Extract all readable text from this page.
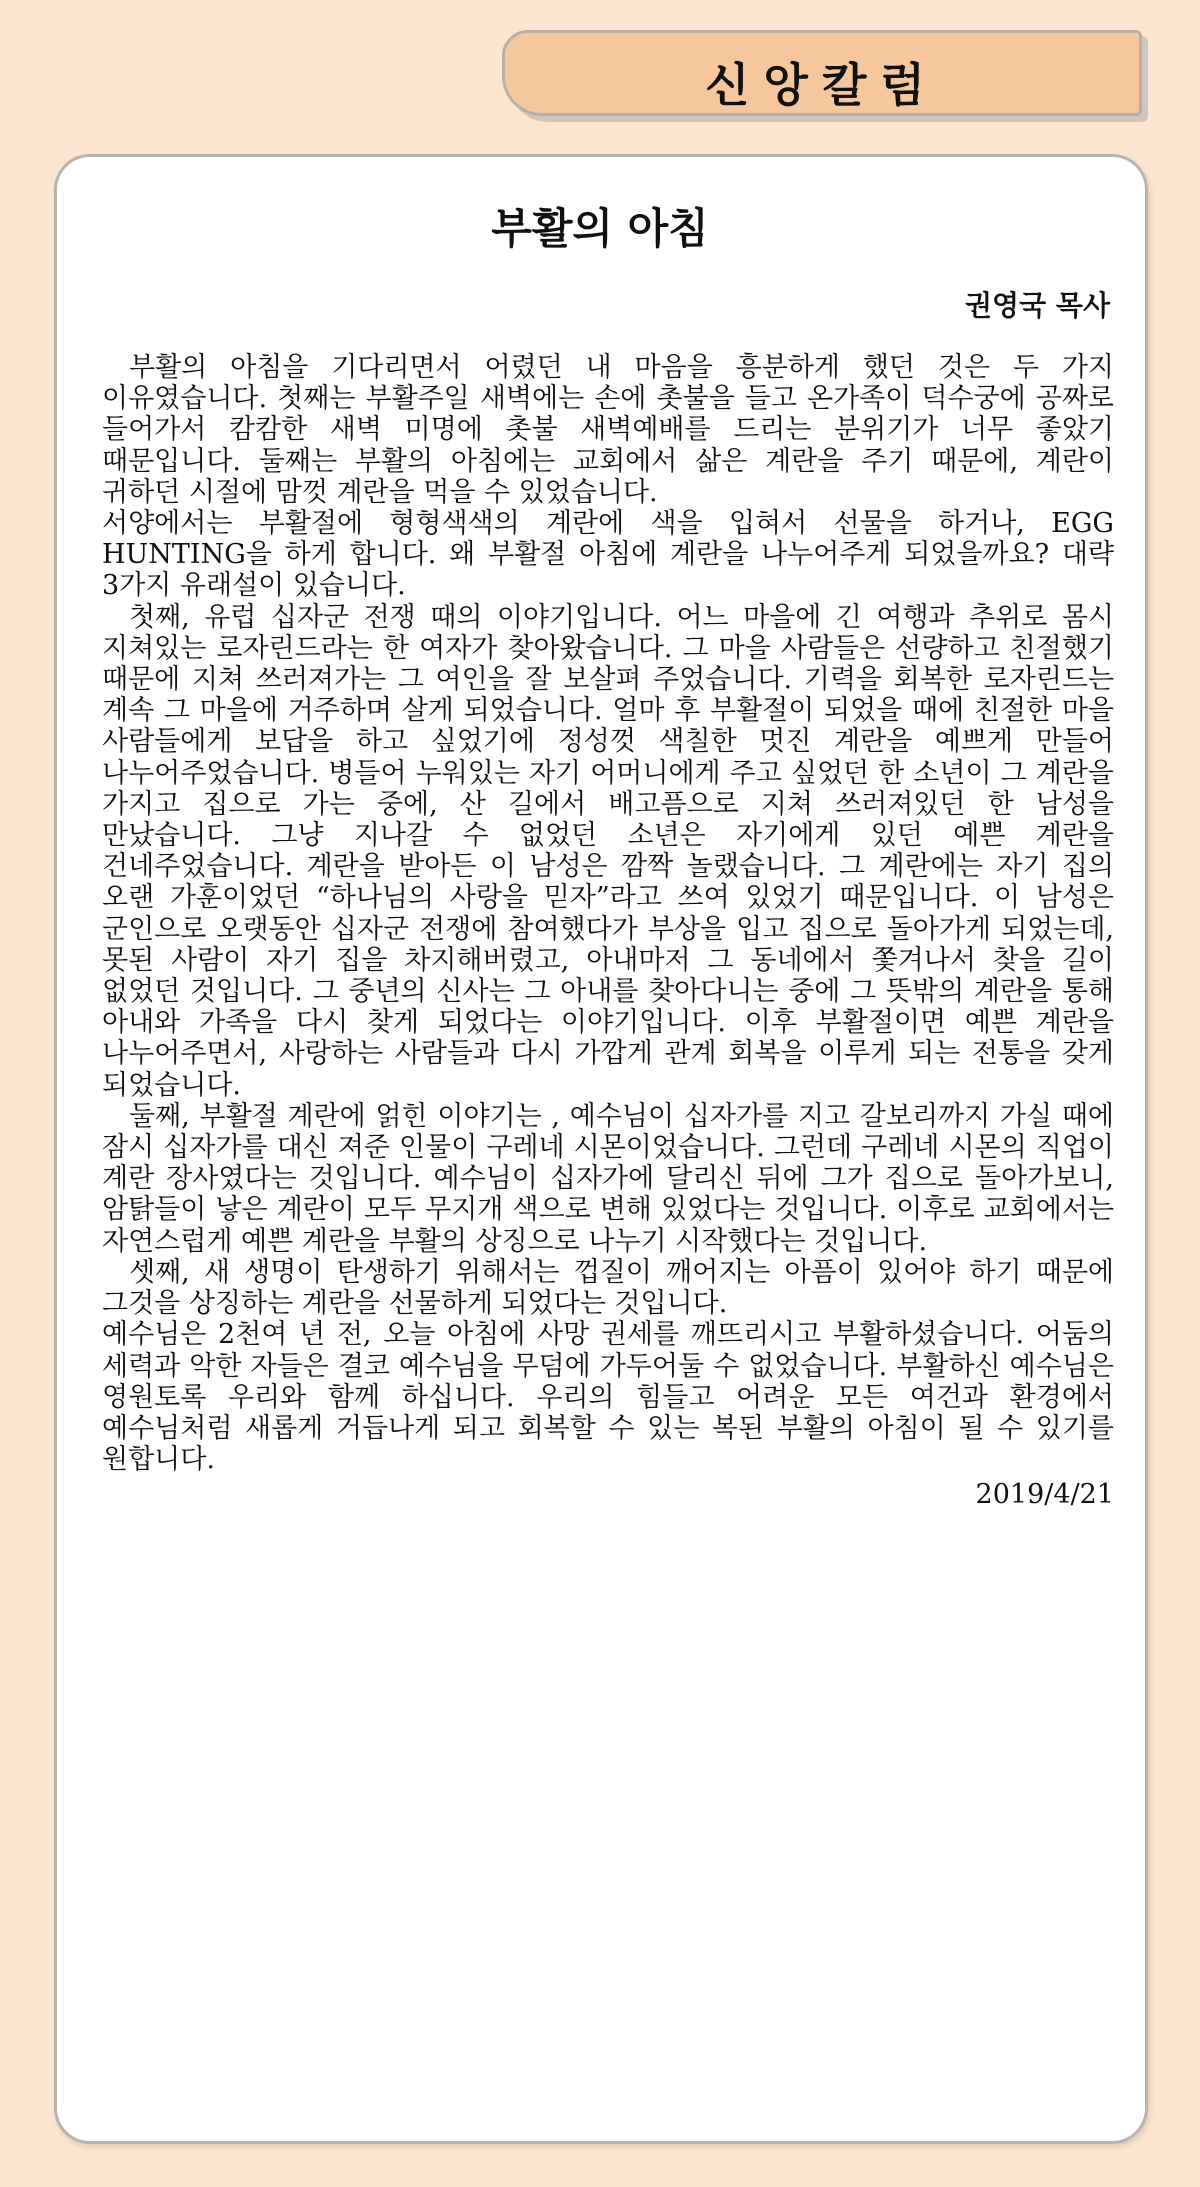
신앙칼럼
부활의 아침
권영국 목사

부활의 아침을 기다리면서 어렸던 내 마음을 흥분하게 했던 것은 두 가지 이유였습니다. 첫째는 부활주일 새벽에는 손에 촛불을 들고 온가족이 덕수궁에 공짜로 들어가서 캄캄한 새벽 미명에 촛불 새벽예배를 드리는 분위기가 너무 좋았기 때문입니다. 둘째는 부활의 아침에는 교회에서 삶은 계란을 주기 때문에, 계란이 귀하던 시절에 맘껏 계란을 먹을 수 있었습니다.

서양에서는 부활절에 형형색색의 계란에 색을 입혀서 선물을 하거나, EGG HUNTING을 하게 합니다. 왜 부활절 아침에 계란을 나누어주게 되었을까요? 대략 3가지 유래설이 있습니다.

첫째, 유럽 십자군 전쟁 때의 이야기입니다. 어느 마을에 긴 여행과 추위로 몸시 지쳐있는 로자린드라는 한 여자가 찾아왔습니다. 그 마을 사람들은 선량하고 친절했기 때문에 지쳐 쓰러져가는 그 여인을 잘 보살펴 주었습니다. 기력을 회복한 로자린드는 계속 그 마을에 거주하며 살게 되었습니다. 얼마 후 부활절이 되었을 때에 친절한 마을 사람들에게 보답을 하고 싶었기에 정성껏 색칠한 멋진 계란을 예쁘게 만들어 나누어주었습니다. 병들어 누워있는 자기 어머니에게 주고 싶었던 한 소년이 그 계란을 가지고 집으로 가는 중에, 산 길에서 배고픔으로 지쳐 쓰러져있던 한 남성을 만났습니다. 그냥 지나갈 수 없었던 소년은 자기에게 있던 예쁜 계란을 건네주었습니다. 계란을 받아든 이 남성은 깜짝 놀랬습니다. 그 계란에는 자기 집의 오랜 가훈이었던 “하나님의 사랑을 믿자”라고 쓰여 있었기 때문입니다. 이 남성은 군인으로 오랫동안 십자군 전쟁에 참여했다가 부상을 입고 집으로 돌아가게 되었는데, 못된 사람이 자기 집을 차지해버렸고, 아내마저 그 동네에서 쫓겨나서 찾을 길이 없었던 것입니다. 그 중년의 신사는 그 아내를 찾아다니는 중에 그 뜻밖의 계란을 통해 아내와 가족을 다시 찾게 되었다는 이야기입니다. 이후 부활절이면 예쁜 계란을 나누어주면서, 사랑하는 사람들과 다시 가깝게 관계 회복을 이루게 되는 전통을 갖게 되었습니다.

둘째, 부활절 계란에 얽힌 이야기는 , 예수님이 십자가를 지고 갈보리까지 가실 때에 잠시 십자가를 대신 져준 인물이 구레네 시몬이었습니다. 그런데 구레네 시몬의 직업이 계란 장사였다는 것입니다. 예수님이 십자가에 달리신 뒤에 그가 집으로 돌아가보니, 암탉들이 낳은 계란이 모두 무지개 색으로 변해 있었다는 것입니다. 이후로 교회에서는 자연스럽게 예쁜 계란을 부활의 상징으로 나누기 시작했다는 것입니다.

셋째, 새 생명이 탄생하기 위해서는 껍질이 깨어지는 아픔이 있어야 하기 때문에 그것을 상징하는 계란을 선물하게 되었다는 것입니다.

예수님은 2천여 년 전, 오늘 아침에 사망 권세를 깨뜨리시고 부활하셨습니다. 어둠의 세력과 악한 자들은 결코 예수님을 무덤에 가두어둘 수 없었습니다. 부활하신 예수님은 영원토록 우리와 함께 하십니다. 우리의 힘들고 어려운 모든 여건과 환경에서 예수님처럼 새롭게 거듭나게 되고 회복할 수 있는 복된 부활의 아침이 될 수 있기를 원합니다.

2019/4/21
